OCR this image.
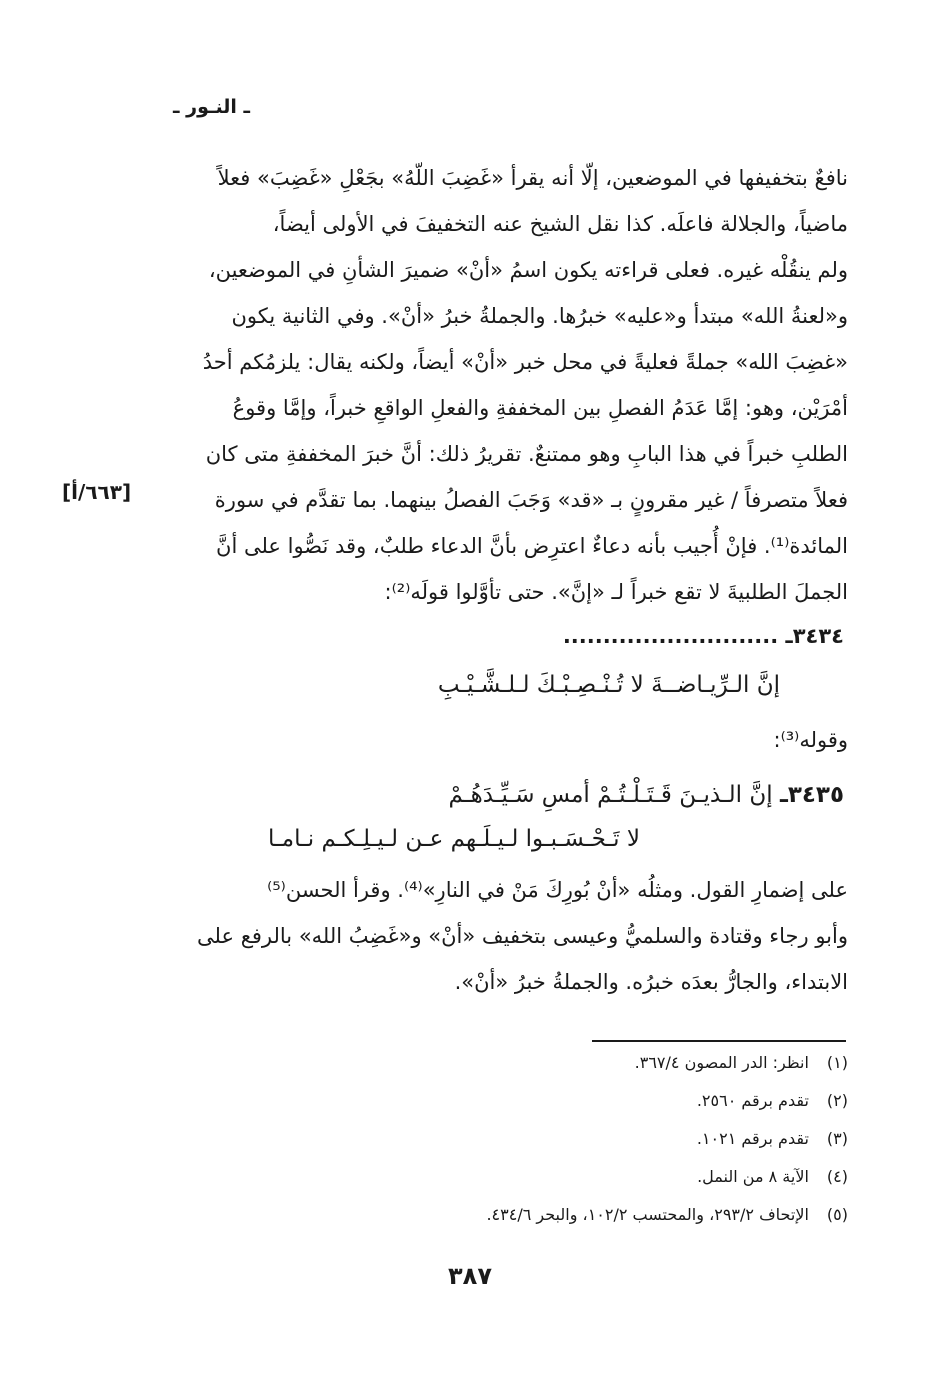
ـ النـور ـ
نافعٌ بتخفيفها في الموضعين، إلّا أنه يقرأ «غَضِبَ اللّهُ» بجَعْلِ «غَضِبَ» فعلاً
ماضياً، والجلالة فاعلَه. كذا نقل الشيخ عنه التخفيفَ في الأولى أيضاً،
ولم ينقُلْه غيره. فعلى قراءته يكون اسمُ «أنْ» ضميرَ الشأنِ في الموضعين،
و«لعنةُ الله» مبتدأ و«عليه» خبرُها. والجملةُ خبرُ «أنْ». وفي الثانية يكون
«غضِبَ الله» جملةً فعليةً في محل خبر «أنْ» أيضاً، ولكنه يقال: يلزمُكم أحدُ
أمْرَيْن، وهو: إمَّا عَدَمُ الفصلِ بين المخففةِ والفعلِ الواقعِ خبراً، وإمَّا وقوعُ
الطلبِ خبراً في هذا البابِ وهو ممتنعٌ. تقريرُ ذلك: أنَّ خبرَ المخففةِ متى كان
فعلاً متصرفاً / غير مقرونٍ بـ «قد» وَجَبَ الفصلُ بينهما. بما تقدَّم في سورة
المائدة⁽¹⁾. فإنْ أُجيب بأنه دعاءٌ اعترِض بأنَّ الدعاء طلبٌ، وقد نَصُّوا على أنَّ
الجملَ الطلبيةَ لا تقع خبراً لـ «إنَّ». حتى تأوَّلوا قولَه⁽²⁾:
[٦٦٣/أ]
٣٤٣٤ـ ...........................
إنَّ الـرِّيـاضــةَ لا تُـنْـصِـبْـكَ لـلـشَّـيْـبِ
وقوله⁽³⁾:
٣٤٣٥ـ إنَّ الـذيـنَ قَـتَـلْـتُـمْ أمسِ سَـيِّـدَهُـمْ
لا تَـحْـسَـبـوا لـيـلَـهم عـن لـيـلِـكـم نـامـا
على إضمارِ القول. ومثلُه «أنْ بُورِكَ مَنْ في النارِ»⁽⁴⁾. وقرأ الحسن⁽⁵⁾
وأبو رجاء وقتادة والسلميُّ وعيسى بتخفيف «أنْ» و«غَضِبُ الله» بالرفع على
الابتداء، والجارُّ بعدَه خبرُه. والجملةُ خبرُ «أنْ».
(١) انظر: الدر المصون ٣٦٧/٤.
(٢) تقدم برقم ٢٥٦٠.
(٣) تقدم برقم ١٠٢١.
(٤) الآية ٨ من النمل.
(٥) الإتحاف ٢٩٣/٢، والمحتسب ١٠٢/٢، والبحر ٤٣٤/٦.
٣٨٧
